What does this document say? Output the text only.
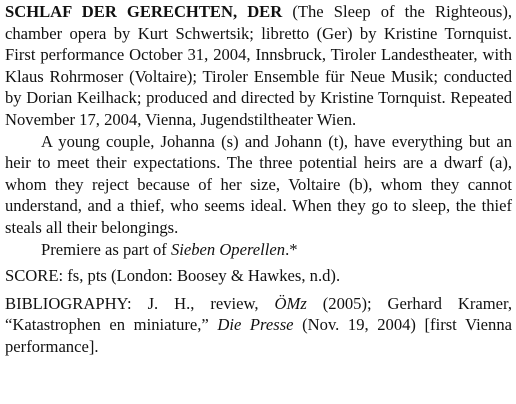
SCHLAF DER GERECHTEN, DER (The Sleep of the Righteous), chamber opera by Kurt Schwertsik; libretto (Ger) by Kristine Tornquist. First performance October 31, 2004, Innsbruck, Tiroler Landestheater, with Klaus Rohrmoser (Voltaire); Tiroler Ensemble für Neue Musik; conducted by Dorian Keilhack; produced and directed by Kristine Tornquist. Repeated November 17, 2004, Vienna, Jugendstiltheater Wien.

A young couple, Johanna (s) and Johann (t), have everything but an heir to meet their expectations. The three potential heirs are a dwarf (a), whom they reject because of her size, Voltaire (b), whom they cannot understand, and a thief, who seems ideal. When they go to sleep, the thief steals all their belongings.

Premiere as part of Sieben Operellen.*

SCORE: fs, pts (London: Boosey & Hawkes, n.d).

BIBLIOGRAPHY: J. H., review, ÖMz (2005); Gerhard Kramer, “Katastrophen en miniature,” Die Presse (Nov. 19, 2004) [first Vienna performance].
